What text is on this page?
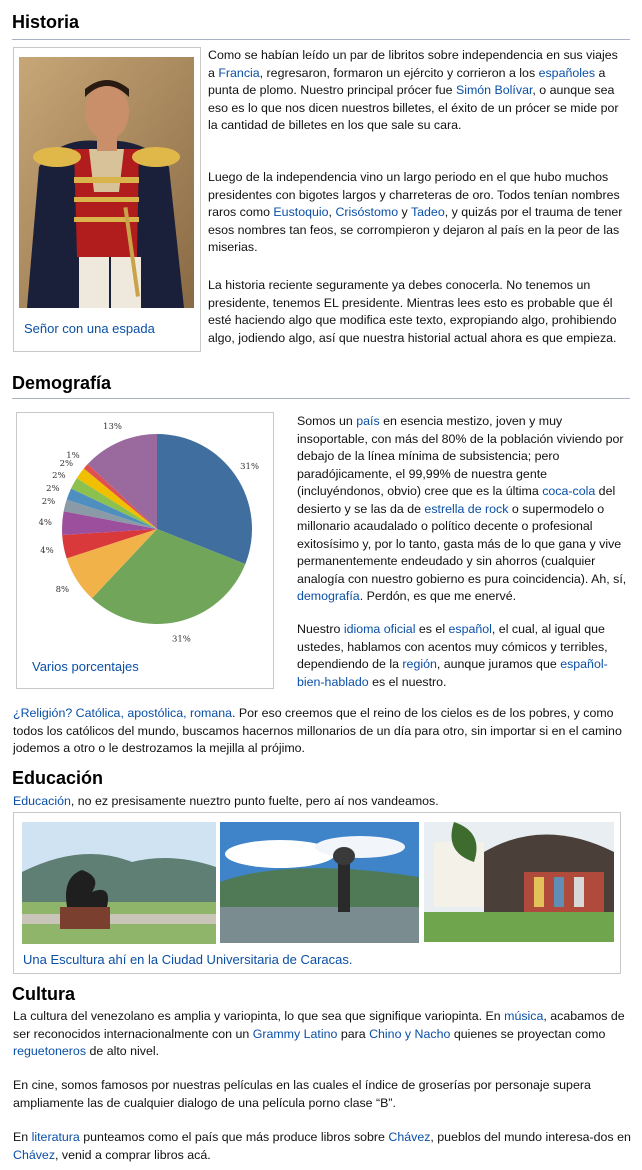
Historia
Señor con una espada
Como se habían leído un par de libritos sobre independencia en sus viajes a Francia, regresaron, formaron un ejército y corrieron a los españoles a punta de plomo. Nuestro principal prócer fue Simón Bolívar, o aunque sea eso es lo que nos dicen nuestros billetes, el éxito de un prócer se mide por la cantidad de billetes en los que sale su cara.
Luego de la independencia vino un largo periodo en el que hubo muchos presidentes con bigotes largos y charreteras de oro. Todos tenían nombres raros como Eustoquio, Crisóstomo y Tadeo, y quizás por el trauma de tener esos nombres tan feos, se corrompieron y dejaron al país en la peor de las miserias.
La historia reciente seguramente ya debes conocerla. No tenemos un presidente, tenemos EL presidente. Mientras lees esto es probable que él esté haciendo algo que modifica este texto, expropiando algo, prohibiendo algo, jodiendo algo, así que nuestra historial actual ahora es que empieza.
Demografía
31%
31%
8%
4%
4%
2%
2%
2%
2%
1%
13%
Varios porcentajes
Somos un país en esencia mestizo, joven y muy insoportable, con más del 80% de la población viviendo por debajo de la línea mínima de subsistencia; pero paradójicamente, el 99,99% de nuestra gente (incluyéndonos, obvio) cree que es la última coca-cola del desierto y se las da de estrella de rock o supermodelo o millonario acaudalado o político decente o profesional exitosísimo y, por lo tanto, gasta más de lo que gana y vive permanentemente endeudado y sin ahorros (cualquier analogía con nuestro gobierno es pura coincidencia). Ah, sí, demografía. Perdón, es que me enervé.
Nuestro idioma oficial es el español, el cual, al igual que ustedes, hablamos con acentos muy cómicos y terribles, dependiendo de la región, aunque juramos que español-bien-hablado es el nuestro.
¿Religión? Católica, apostólica, romana. Por eso creemos que el reino de los cielos es de los pobres, y como todos los católicos del mundo, buscamos hacernos millonarios de un día para otro, sin importar si en el camino jodemos a otro o le destrozamos la mejilla al prójimo.
Educación
Educación, no ez presisamente nueztro punto fuelte, pero aí nos vandeamos.
Una Escultura ahí en la Ciudad Universitaria de Caracas.
Cultura
La cultura del venezolano es amplia y variopinta, lo que sea que signifique variopinta. En música, acabamos de ser reconocidos internacionalmente con un Grammy Latino para Chino y Nacho quienes se proyectan como reguetoneros de alto nivel.
En cine, somos famosos por nuestras películas en las cuales el índice de groserías por personaje supera ampliamente las de cualquier dialogo de una película porno clase “B”.
En literatura punteamos como el país que más produce libros sobre Chávez, pueblos del mundo interesa-dos en Chávez, venid a comprar libros acá.
